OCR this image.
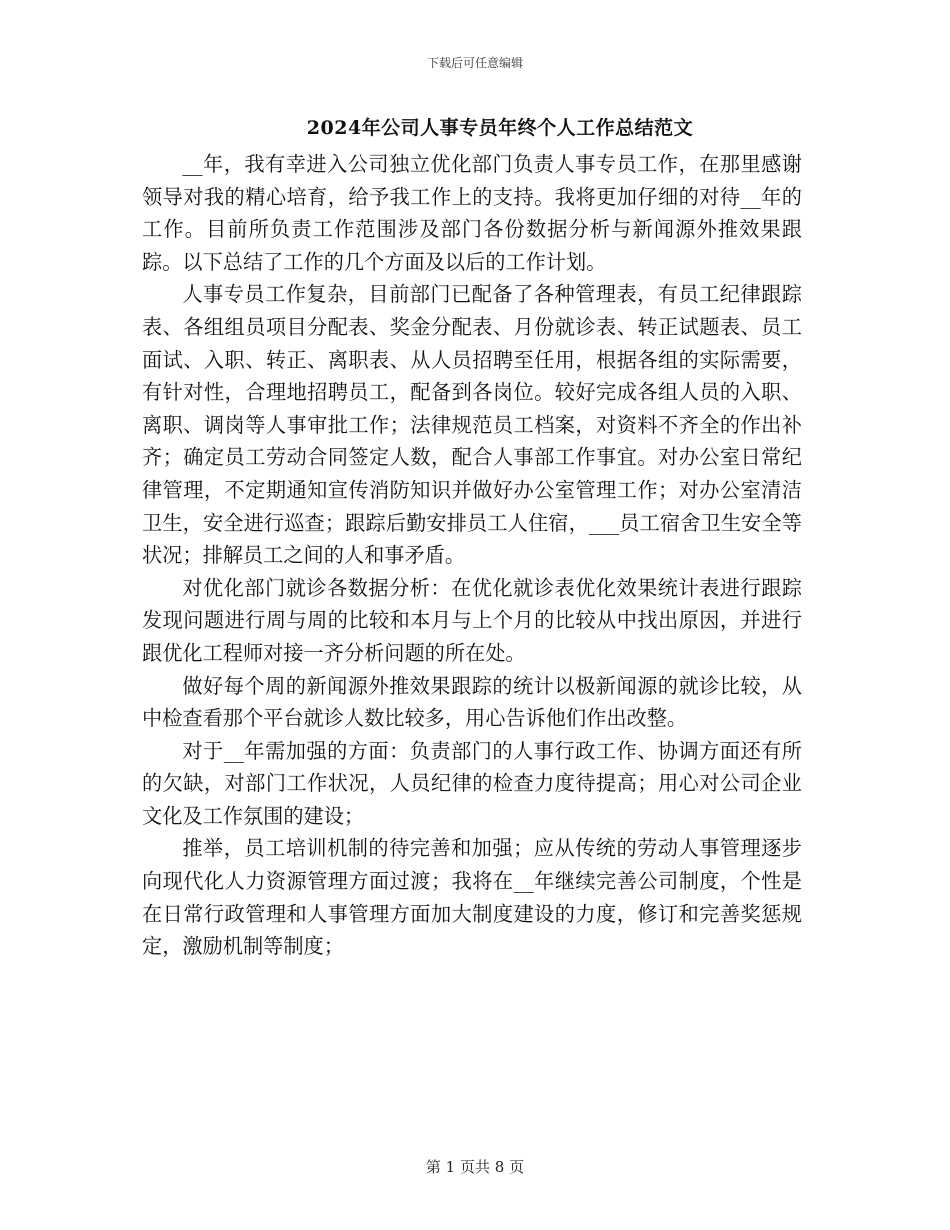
下载后可任意编辑
2024年公司人事专员年终个人工作总结范文

__年，我有幸进入公司独立优化部门负责人事专员工作，在那里感谢领导对我的精心培育，给予我工作上的支持。我将更加仔细的对待__年的工作。目前所负责工作范围涉及部门各份数据分析与新闻源外推效果跟踪。以下总结了工作的几个方面及以后的工作计划。

人事专员工作复杂，目前部门已配备了各种管理表，有员工纪律跟踪表、各组组员项目分配表、奖金分配表、月份就诊表、转正试题表、员工面试、入职、转正、离职表、从人员招聘至任用，根据各组的实际需要，有针对性，合理地招聘员工，配备到各岗位。较好完成各组人员的入职、离职、调岗等人事审批工作；法律规范员工档案，对资料不齐全的作出补齐；确定员工劳动合同签定人数，配合人事部工作事宜。对办公室日常纪律管理，不定期通知宣传消防知识并做好办公室管理工作；对办公室清洁卫生，安全进行巡查；跟踪后勤安排员工人住宿，___员工宿舍卫生安全等状况；排解员工之间的人和事矛盾。

对优化部门就诊各数据分析：在优化就诊表优化效果统计表进行跟踪发现问题进行周与周的比较和本月与上个月的比较从中找出原因，并进行跟优化工程师对接一齐分析问题的所在处。

做好每个周的新闻源外推效果跟踪的统计以极新闻源的就诊比较，从中检查看那个平台就诊人数比较多，用心告诉他们作出改整。

对于__年需加强的方面：负责部门的人事行政工作、协调方面还有所的欠缺，对部门工作状况，人员纪律的检查力度待提高；用心对公司企业文化及工作氛围的建设；

推举，员工培训机制的待完善和加强；应从传统的劳动人事管理逐步向现代化人力资源管理方面过渡；我将在__年继续完善公司制度，个性是在日常行政管理和人事管理方面加大制度建设的力度，修订和完善奖惩规定，激励机制等制度；

第 1 页共 8 页
